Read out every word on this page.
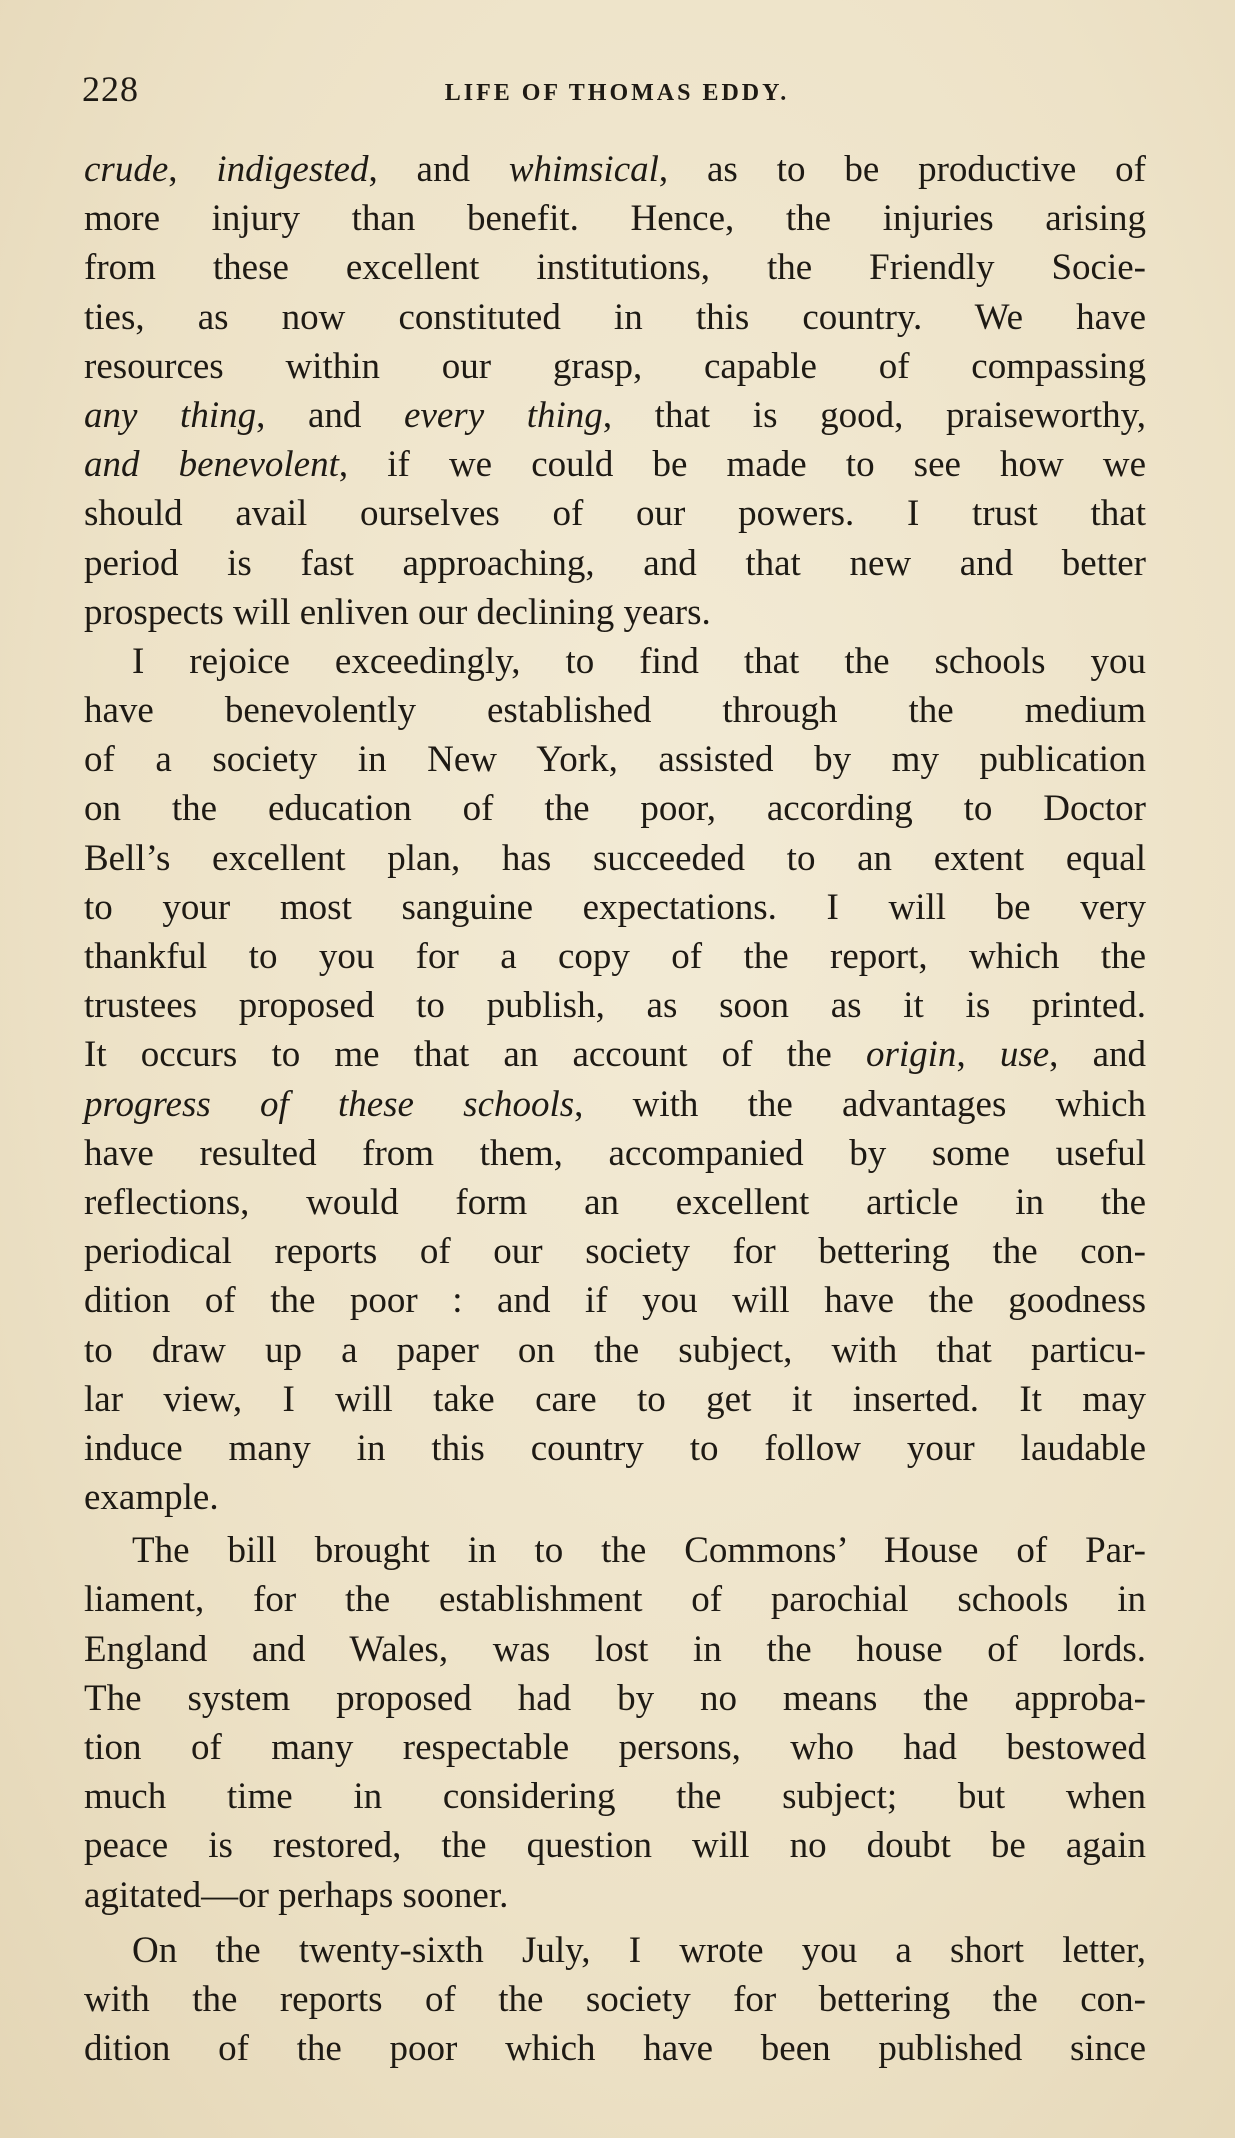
228	LIFE OF THOMAS EDDY.
crude, indigested, and whimsical, as to be productive of
more injury than benefit. Hence, the injuries arising
from these excellent institutions, the Friendly Socie-
ties, as now constituted in this country. We have
resources within our grasp, capable of compassing
any thing, and every thing, that is good, praiseworthy,
and benevolent, if we could be made to see how we
should avail ourselves of our powers. I trust that
period is fast approaching, and that new and better
prospects will enliven our declining years.
I rejoice exceedingly, to find that the schools you
have benevolently established through the medium
of a society in New York, assisted by my publication
on the education of the poor, according to Doctor
Bell’s excellent plan, has succeeded to an extent equal
to your most sanguine expectations. I will be very
thankful to you for a copy of the report, which the
trustees proposed to publish, as soon as it is printed.
It occurs to me that an account of the origin, use, and
progress of these schools, with the advantages which
have resulted from them, accompanied by some useful
reflections, would form an excellent article in the
periodical reports of our society for bettering the con-
dition of the poor : and if you will have the goodness
to draw up a paper on the subject, with that particu-
lar view, I will take care to get it inserted. It may
induce many in this country to follow your laudable
example.
The bill brought in to the Commons’ House of Par-
liament, for the establishment of parochial schools in
England and Wales, was lost in the house of lords.
The system proposed had by no means the approba-
tion of many respectable persons, who had bestowed
much time in considering the subject; but when
peace is restored, the question will no doubt be again
agitated—or perhaps sooner.
On the twenty-sixth July, I wrote you a short letter,
with the reports of the society for bettering the con-
dition of the poor which have been published since
